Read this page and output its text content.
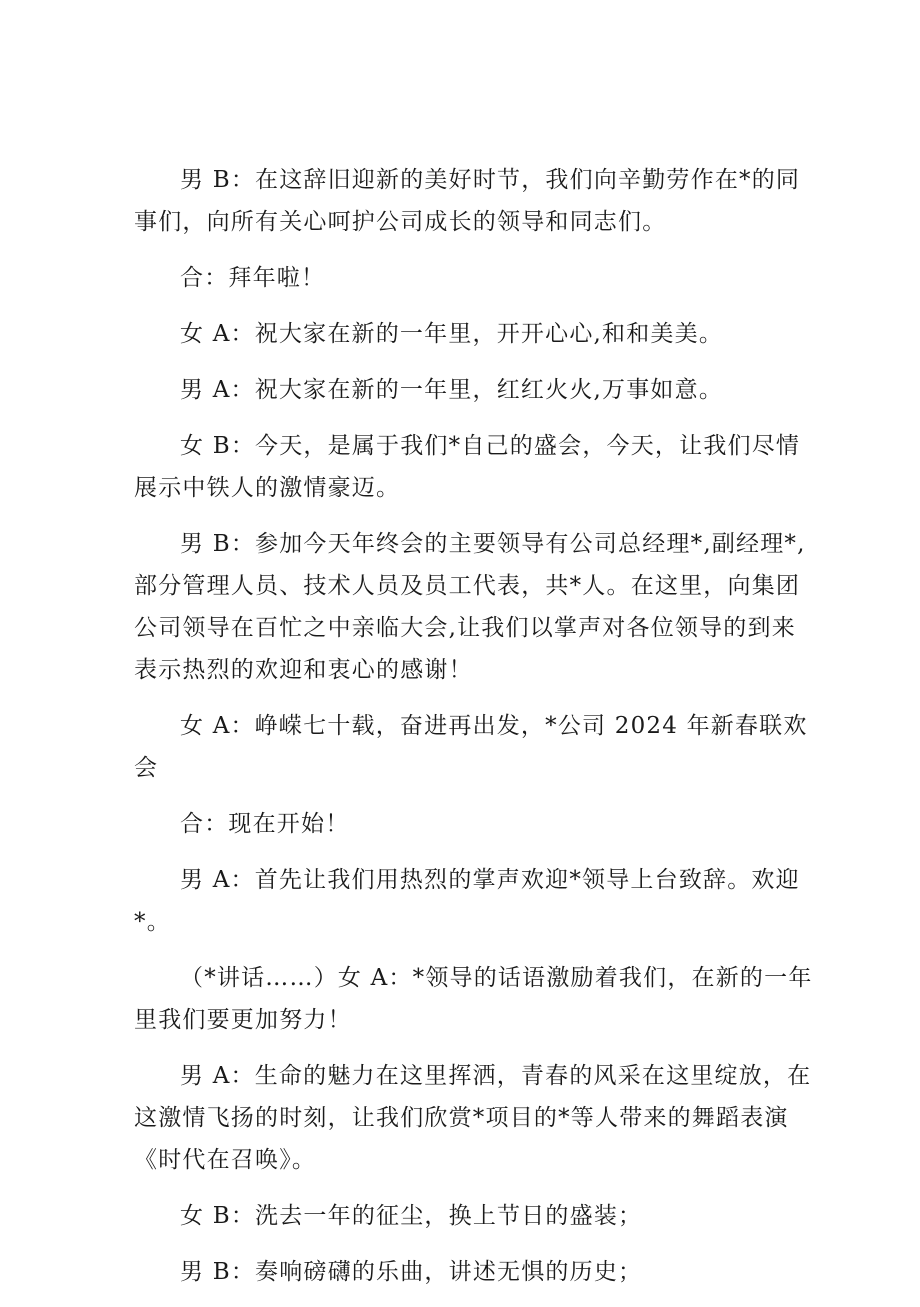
男 B：在这辞旧迎新的美好时节，我们向辛勤劳作在*的同事们，向所有关心呵护公司成长的领导和同志们。

合：拜年啦！

女 A：祝大家在新的一年里，开开心心,和和美美。

男 A：祝大家在新的一年里，红红火火,万事如意。

女 B：今天，是属于我们*自己的盛会，今天，让我们尽情展示中铁人的激情豪迈。

男 B：参加今天年终会的主要领导有公司总经理*,副经理*,部分管理人员、技术人员及员工代表，共*人。在这里，向集团公司领导在百忙之中亲临大会,让我们以掌声对各位领导的到来表示热烈的欢迎和衷心的感谢！

女 A：峥嵘七十载，奋进再出发，*公司 2024 年新春联欢会

合：现在开始！

男 A：首先让我们用热烈的掌声欢迎*领导上台致辞。欢迎*。

（*讲话……）女 A：*领导的话语激励着我们，在新的一年里我们要更加努力！

男 A：生命的魅力在这里挥洒，青春的风采在这里绽放，在这激情飞扬的时刻，让我们欣赏*项目的*等人带来的舞蹈表演《时代在召唤》。

女 B：洗去一年的征尘，换上节日的盛装；

男 B：奏响磅礴的乐曲，讲述无惧的历史；
